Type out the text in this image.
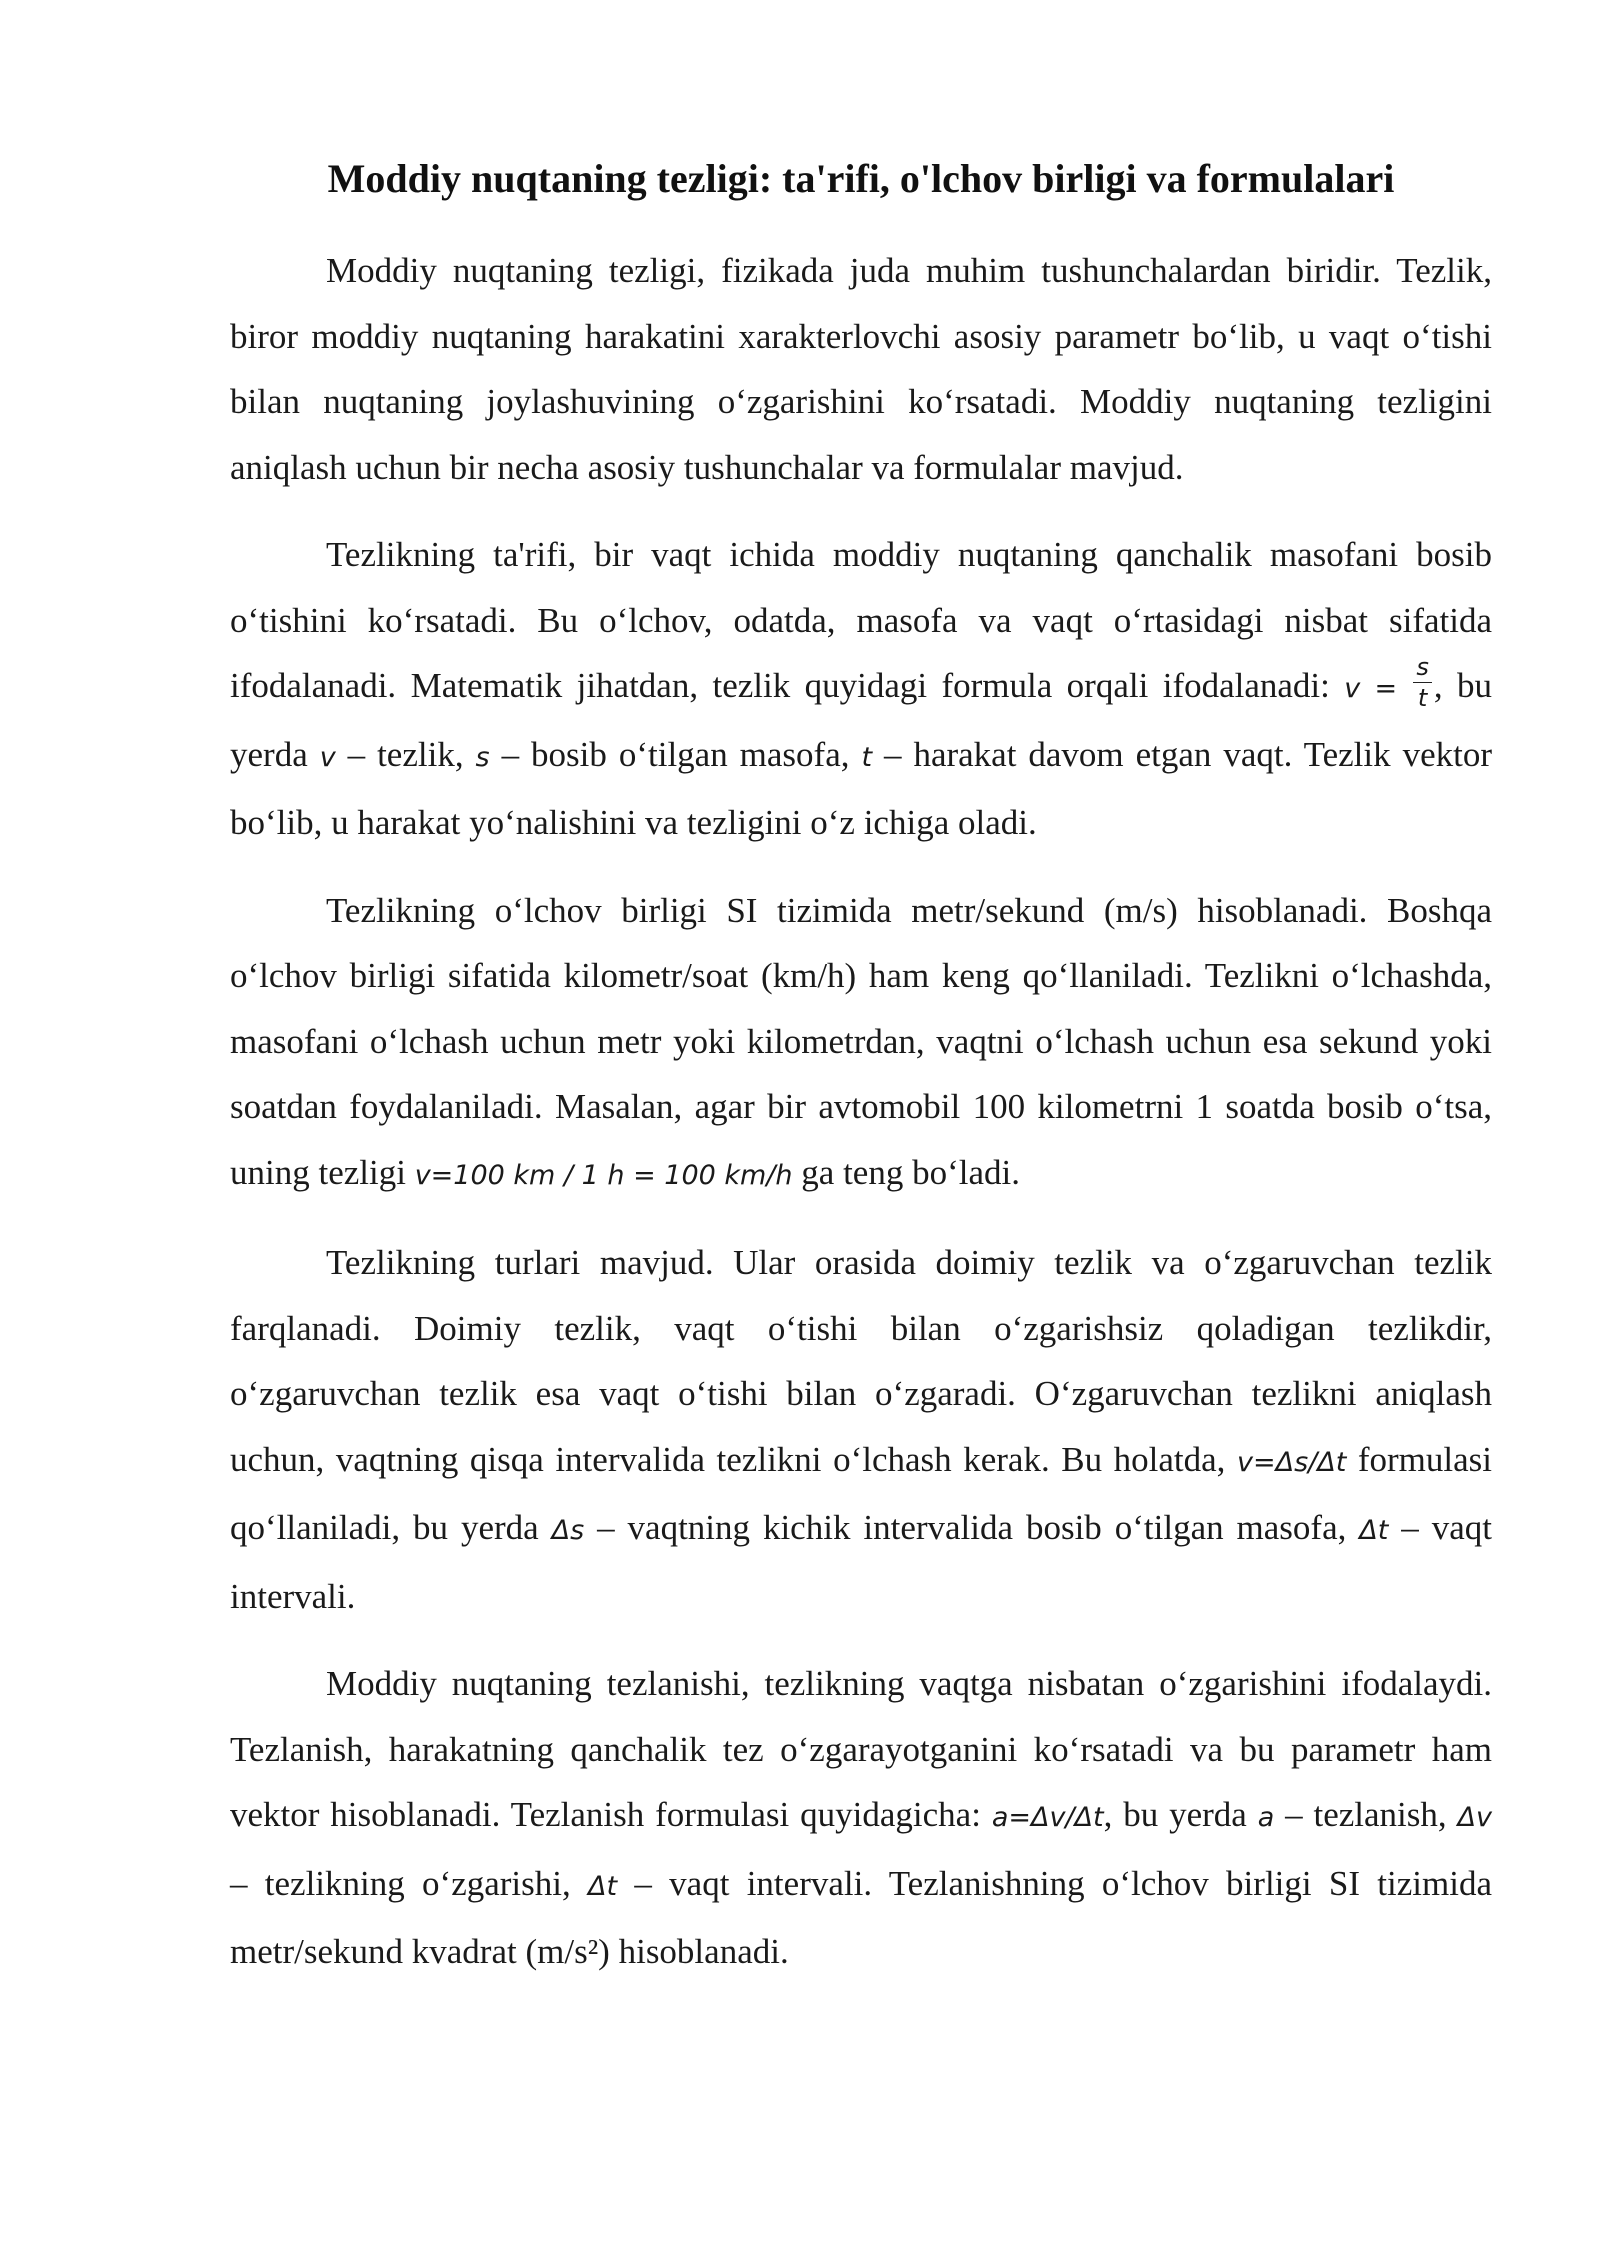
Moddiy nuqtaning tezligi: ta'rifi, o'lchov birligi va formulalari

Moddiy nuqtaning tezligi, fizikada juda muhim tushunchalardan biridir. Tezlik, biror moddiy nuqtaning harakatini xarakterlovchi asosiy parametr bo‘lib, u vaqt o‘tishi bilan nuqtaning joylashuvining o‘zgarishini ko‘rsatadi. Moddiy nuqtaning tezligini aniqlash uchun bir necha asosiy tushunchalar va formulalar mavjud.

Tezlikning ta'rifi, bir vaqt ichida moddiy nuqtaning qanchalik masofani bosib o‘tishini ko‘rsatadi. Bu o‘lchov, odatda, masofa va vaqt o‘rtasidagi nisbat sifatida ifodalanadi. Matematik jihatdan, tezlik quyidagi formula orqali ifodalanadi: $v = \frac{s}{t}$ , bu yerda v – tezlik, s – bosib o‘tilgan masofa, t – harakat davom etgan vaqt. Tezlik vektor bo‘lib, u harakat yo‘nalishini va tezligini o‘z ichiga oladi.

Tezlikning o‘lchov birligi SI tizimida metr/sekund (m/s) hisoblanadi. Boshqa o‘lchov birligi sifatida kilometr/soat (km/h) ham keng qo‘llaniladi. Tezlikni o‘lchashda, masofani o‘lchash uchun metr yoki kilometrdan, vaqtni o‘lchash uchun esa sekund yoki soatdan foydalaniladi. Masalan, agar bir avtomobil 100 kilometrni 1 soatda bosib o‘tsa, uning tezligi v=100 km / 1 h = 100 km/h ga teng bo‘ladi.

Tezlikning turlari mavjud. Ular orasida doimiy tezlik va o‘zgaruvchan tezlik farqlanadi. Doimiy tezlik, vaqt o‘tishi bilan o‘zgarishsiz qoladigan tezlikdir, o‘zgaruvchan tezlik esa vaqt o‘tishi bilan o‘zgaradi. O‘zgaruvchan tezlikni aniqlash uchun, vaqtning qisqa intervalida tezlikni o‘lchash kerak. Bu holatda, v=Δs/Δt formulasi qo‘llaniladi, bu yerda Δs – vaqtning kichik intervalida bosib o‘tilgan masofa, Δt – vaqt intervali.

Moddiy nuqtaning tezlanishi, tezlikning vaqtga nisbatan o‘zgarishini ifodalaydi. Tezlanish, harakatning qanchalik tez o‘zgarayotganini ko‘rsatadi va bu parametr ham vektor hisoblanadi. Tezlanish formulasi quyidagicha: a=Δv/Δt, bu yerda a – tezlanish, Δv – tezlikning o‘zgarishi, Δt – vaqt intervali. Tezlanishning o‘lchov birligi SI tizimida metr/sekund kvadrat (m/s²) hisoblanadi.
